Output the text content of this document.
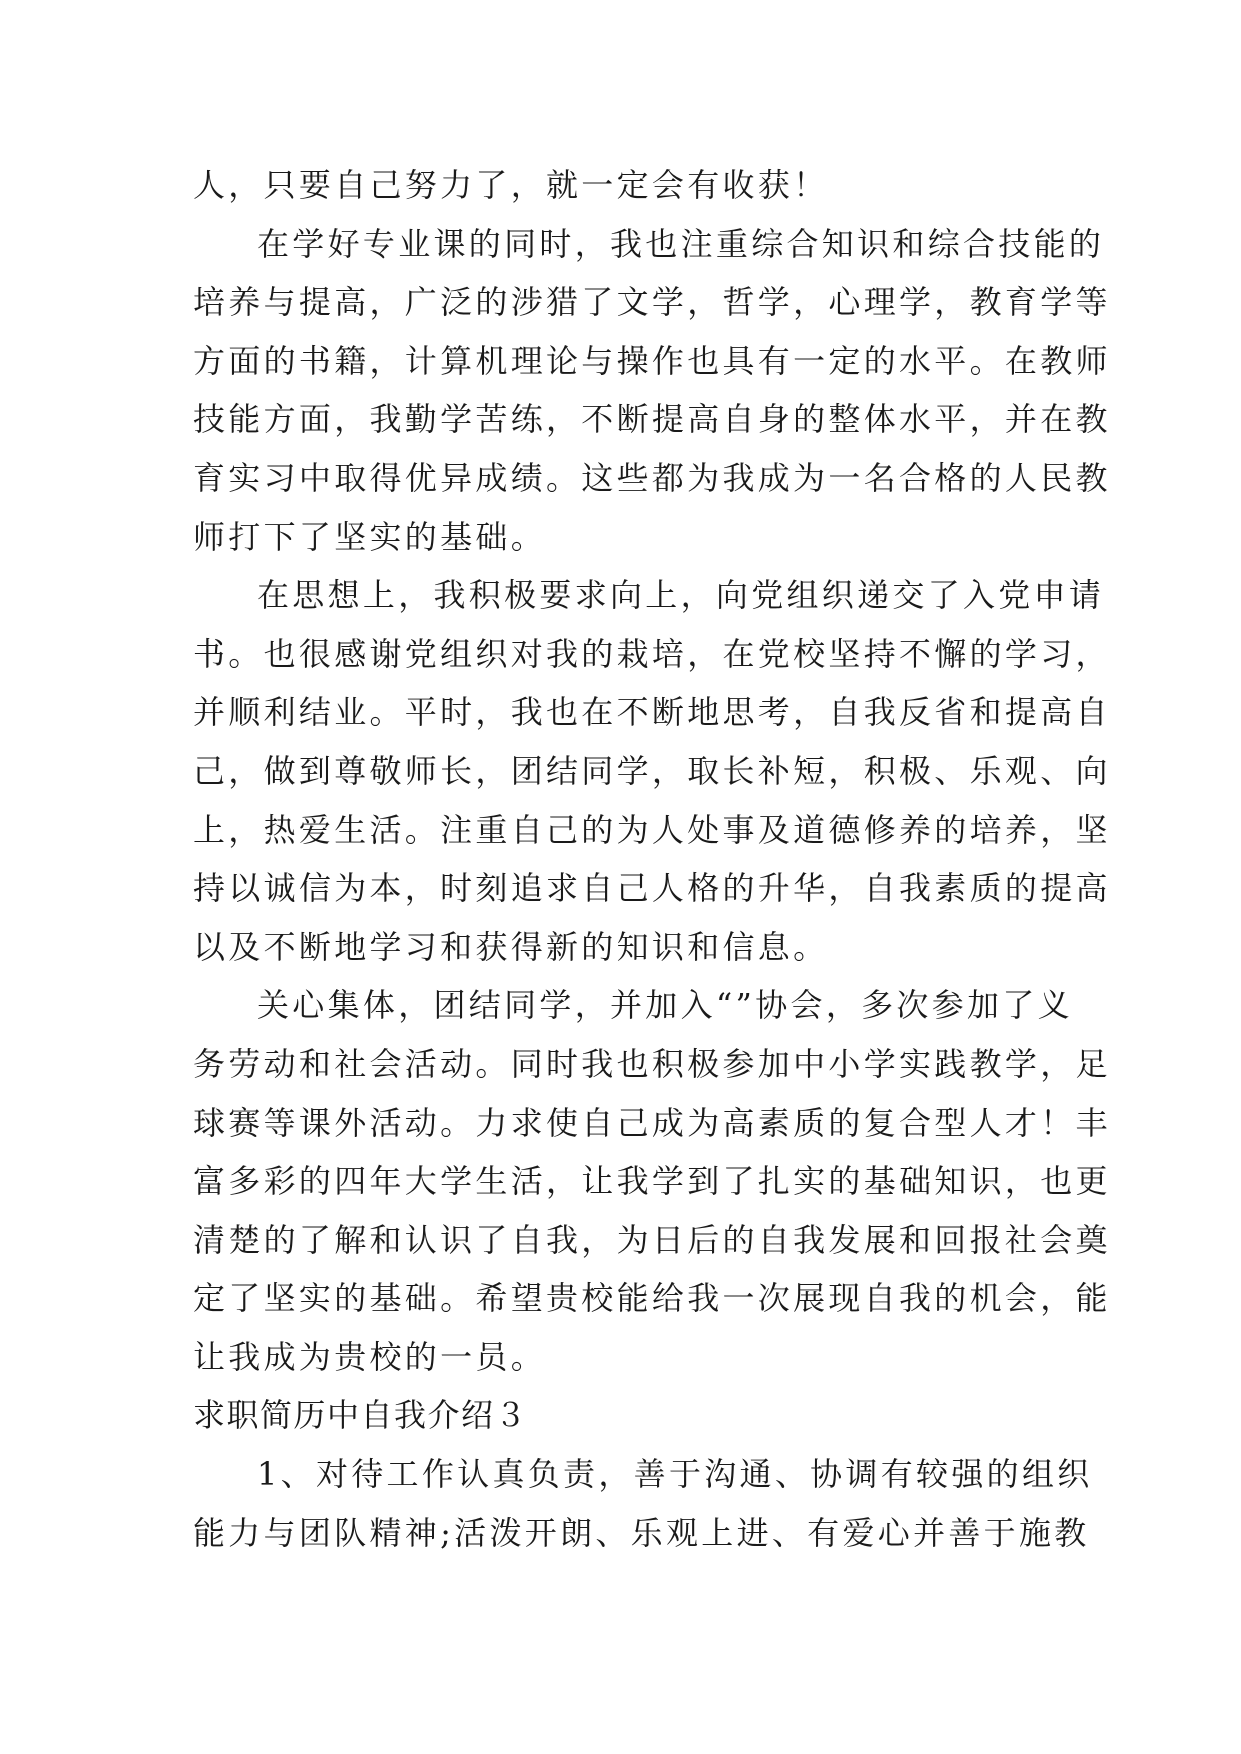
人，只要自己努力了，就一定会有收获！
在学好专业课的同时，我也注重综合知识和综合技能的
培养与提高，广泛的涉猎了文学，哲学，心理学，教育学等
方面的书籍，计算机理论与操作也具有一定的水平。在教师
技能方面，我勤学苦练，不断提高自身的整体水平，并在教
育实习中取得优异成绩。这些都为我成为一名合格的人民教
师打下了坚实的基础。
在思想上，我积极要求向上，向党组织递交了入党申请
书。也很感谢党组织对我的栽培，在党校坚持不懈的学习，
并顺利结业。平时，我也在不断地思考，自我反省和提高自
己，做到尊敬师长，团结同学，取长补短，积极、乐观、向
上，热爱生活。注重自己的为人处事及道德修养的培养，坚
持以诚信为本，时刻追求自己人格的升华，自我素质的提高
以及不断地学习和获得新的知识和信息。
关心集体，团结同学，并加入“”协会，多次参加了义
务劳动和社会活动。同时我也积极参加中小学实践教学，足
球赛等课外活动。力求使自己成为高素质的复合型人才！丰
富多彩的四年大学生活，让我学到了扎实的基础知识，也更
清楚的了解和认识了自我，为日后的自我发展和回报社会奠
定了坚实的基础。希望贵校能给我一次展现自我的机会，能
让我成为贵校的一员。
求职简历中自我介绍３
1、对待工作认真负责，善于沟通、协调有较强的组织
能力与团队精神;活泼开朗、乐观上进、有爱心并善于施教
